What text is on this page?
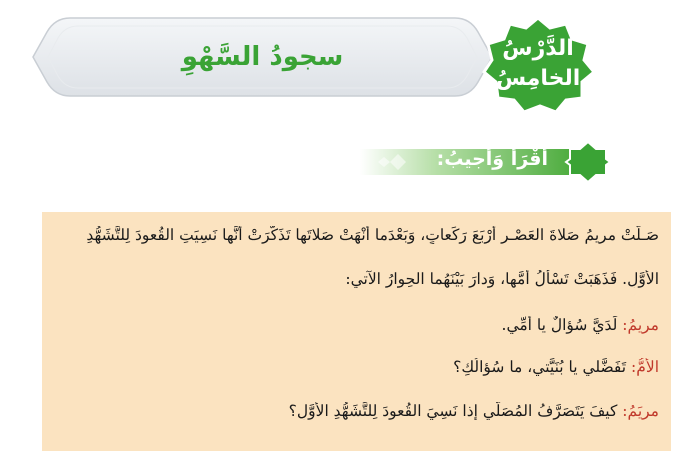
سجودُ السَّهْوِ	الدَّرْسُ
الخامِسُ
أَقْرَأُ وَأُجيبُ:
صَـلَّتْ مريمُ صَلاةَ العَصْـرِ أَرْبَعَ رَكَعاتٍ، وَبَعْدَما أَنْهَتْ صَلاتَها تَذَكَّرَتْ أَنَّها نَسِيَتِ القُعودَ لِلتَّشَهُّدِ
الأَوَّلِ. فَذَهَبَتْ تَسْأَلُ أُمَّها، وَدارَ بَيْنَهُما الحِوارُ الآتي:
مريمُ: لَدَيَّ سُؤالٌ يا أُمِّي.
الأُمُّ: تَفَضَّلي يا بُنَيَّتي، ما سُؤالُكِ؟
مريَمُ: كيفَ يَتَصَرَّفُ المُصَلّي إذا نَسِيَ القُعودَ لِلتَّشَهُّدِ الأَوَّلِ؟
